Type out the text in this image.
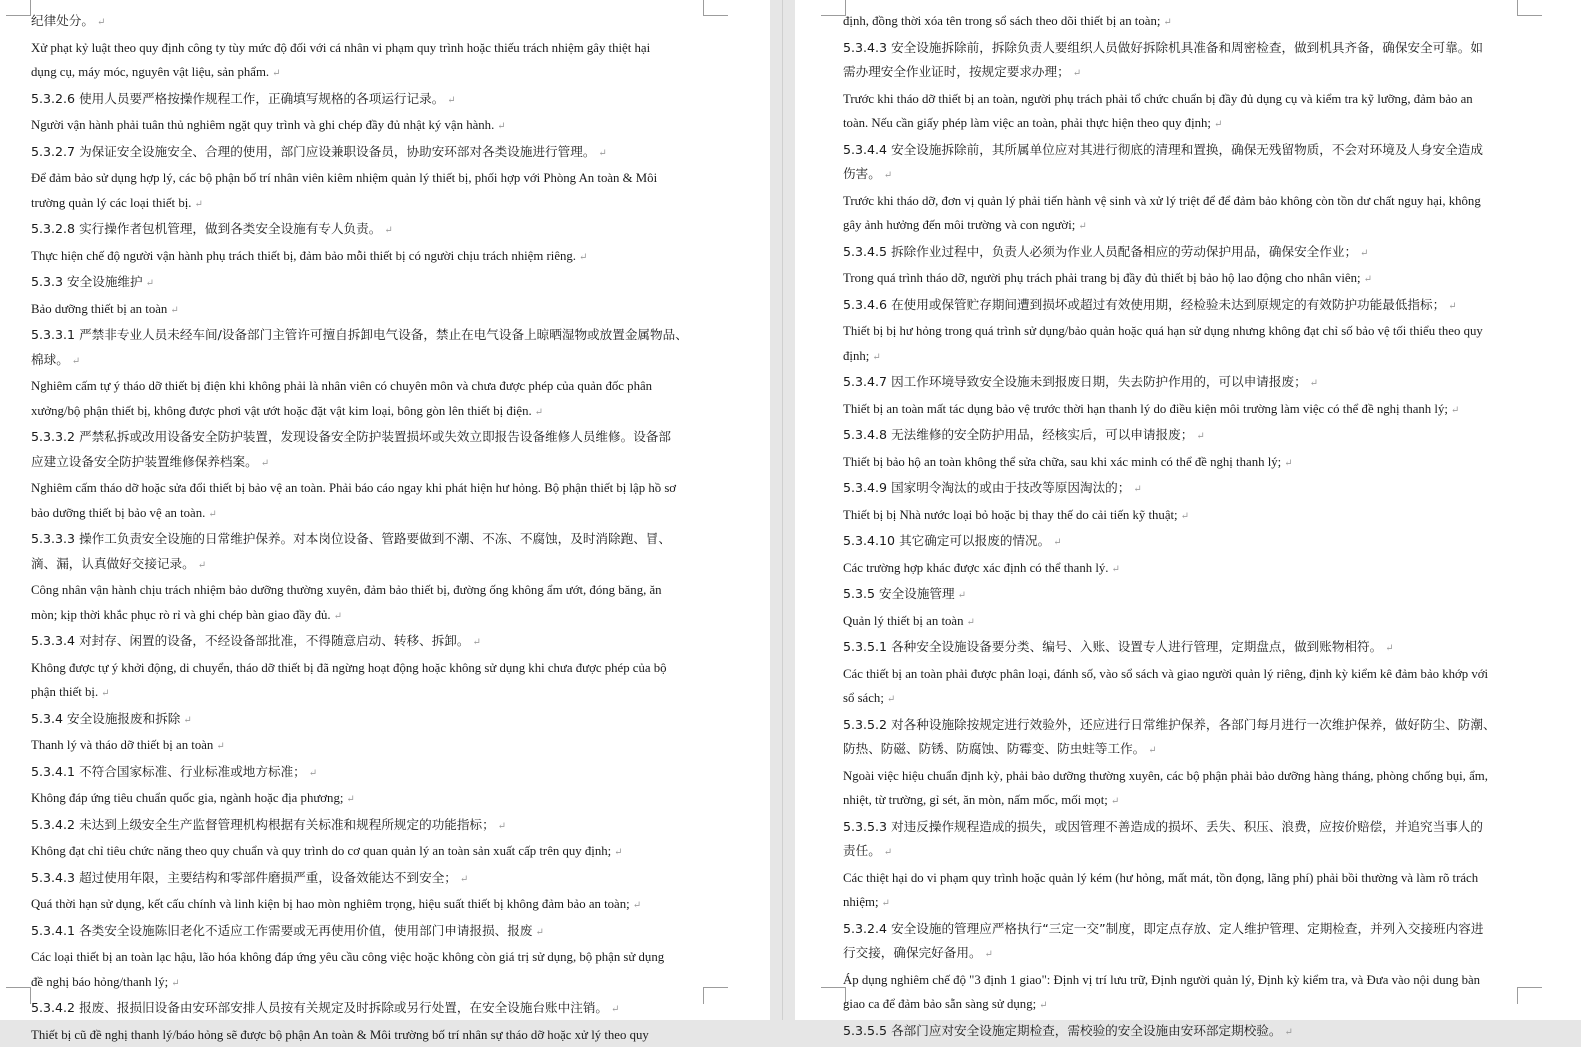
纪律处分。 ↵
Xử phạt kỷ luật theo quy định công ty tùy mức độ đối với cá nhân vi phạm quy trình hoặc thiếu trách nhiệm gây thiệt hại
dụng cụ, máy móc, nguyên vật liệu, sản phẩm. ↵
5.3.2.6 使用人员要严格按操作规程工作，正确填写规格的各项运行记录。 ↵
Người vận hành phải tuân thủ nghiêm ngặt quy trình và ghi chép đầy đủ nhật ký vận hành. ↵
5.3.2.7 为保证安全设施安全、合理的使用，部门应设兼职设备员，协助安环部对各类设施进行管理。 ↵
Để đảm bảo sử dụng hợp lý, các bộ phận bố trí nhân viên kiêm nhiệm quản lý thiết bị, phối hợp với Phòng An toàn & Môi
trường quản lý các loại thiết bị. ↵
5.3.2.8 实行操作者包机管理，做到各类安全设施有专人负责。 ↵
Thực hiện chế độ người vận hành phụ trách thiết bị, đảm bảo mỗi thiết bị có người chịu trách nhiệm riêng. ↵
5.3.3 安全设施维护 ↵
Bảo dưỡng thiết bị an toàn ↵
5.3.3.1 严禁非专业人员未经车间/设备部门主管许可擅自拆卸电气设备，禁止在电气设备上晾晒湿物或放置金属物品、
棉球。 ↵
Nghiêm cấm tự ý tháo dỡ thiết bị điện khi không phải là nhân viên có chuyên môn và chưa được phép của quản đốc phân
xưởng/bộ phận thiết bị, không được phơi vật ướt hoặc đặt vật kim loại, bông gòn lên thiết bị điện. ↵
5.3.3.2 严禁私拆或改用设备安全防护装置，发现设备安全防护装置损坏或失效立即报告设备维修人员维修。设备部
应建立设备安全防护装置维修保养档案。 ↵
Nghiêm cấm tháo dỡ hoặc sửa đổi thiết bị bảo vệ an toàn. Phải báo cáo ngay khi phát hiện hư hỏng. Bộ phận thiết bị lập hồ sơ
bảo dưỡng thiết bị bảo vệ an toàn. ↵
5.3.3.3 操作工负责安全设施的日常维护保养。对本岗位设备、管路要做到不潮、不冻、不腐蚀，及时消除跑、冒、
滴、漏，认真做好交接记录。 ↵
Công nhân vận hành chịu trách nhiệm bảo dưỡng thường xuyên, đảm bảo thiết bị, đường ống không ẩm ướt, đóng băng, ăn
mòn; kịp thời khắc phục rò rỉ và ghi chép bàn giao đầy đủ. ↵
5.3.3.4 对封存、闲置的设备，不经设备部批准，不得随意启动、转移、拆卸。 ↵
Không được tự ý khởi động, di chuyển, tháo dỡ thiết bị đã ngừng hoạt động hoặc không sử dụng khi chưa được phép của bộ
phận thiết bị. ↵
5.3.4 安全设施报废和拆除 ↵
Thanh lý và tháo dỡ thiết bị an toàn ↵
5.3.4.1 不符合国家标准、行业标准或地方标准； ↵
Không đáp ứng tiêu chuẩn quốc gia, ngành hoặc địa phương; ↵
5.3.4.2 未达到上级安全生产监督管理机构根据有关标准和规程所规定的功能指标； ↵
Không đạt chỉ tiêu chức năng theo quy chuẩn và quy trình do cơ quan quản lý an toàn sản xuất cấp trên quy định; ↵
5.3.4.3 超过使用年限，主要结构和零部件磨损严重，设备效能达不到安全； ↵
Quá thời hạn sử dụng, kết cấu chính và linh kiện bị hao mòn nghiêm trọng, hiệu suất thiết bị không đảm bảo an toàn; ↵
5.3.4.1 各类安全设施陈旧老化不适应工作需要或无再使用价值，使用部门申请报损、报废 ↵
Các loại thiết bị an toàn lạc hậu, lão hóa không đáp ứng yêu cầu công việc hoặc không còn giá trị sử dụng, bộ phận sử dụng
đề nghị báo hỏng/thanh lý; ↵
5.3.4.2 报废、报损旧设备由安环部安排人员按有关规定及时拆除或另行处置，在安全设施台账中注销。 ↵
Thiết bị cũ đề nghị thanh lý/báo hỏng sẽ được bộ phận An toàn & Môi trường bố trí nhân sự tháo dỡ hoặc xử lý theo quy
định, đồng thời xóa tên trong sổ sách theo dõi thiết bị an toàn; ↵
5.3.4.3 安全设施拆除前，拆除负责人要组织人员做好拆除机具准备和周密检查，做到机具齐备，确保安全可靠。如
需办理安全作业证时，按规定要求办理； ↵
Trước khi tháo dỡ thiết bị an toàn, người phụ trách phải tổ chức chuẩn bị đầy đủ dụng cụ và kiểm tra kỹ lưỡng, đảm bảo an
toàn. Nếu cần giấy phép làm việc an toàn, phải thực hiện theo quy định; ↵
5.3.4.4 安全设施拆除前，其所属单位应对其进行彻底的清理和置换，确保无残留物质，不会对环境及人身安全造成
伤害。 ↵
Trước khi tháo dỡ, đơn vị quản lý phải tiến hành vệ sinh và xử lý triệt để để đảm bảo không còn tồn dư chất nguy hại, không
gây ảnh hưởng đến môi trường và con người; ↵
5.3.4.5 拆除作业过程中，负责人必须为作业人员配备相应的劳动保护用品，确保安全作业； ↵
Trong quá trình tháo dỡ, người phụ trách phải trang bị đầy đủ thiết bị bảo hộ lao động cho nhân viên; ↵
5.3.4.6 在使用或保管贮存期间遭到损坏或超过有效使用期，经检验未达到原规定的有效防护功能最低指标； ↵
Thiết bị bị hư hỏng trong quá trình sử dụng/bảo quản hoặc quá hạn sử dụng nhưng không đạt chỉ số bảo vệ tối thiểu theo quy
định; ↵
5.3.4.7 因工作环境导致安全设施未到报废日期，失去防护作用的，可以申请报废； ↵
Thiết bị an toàn mất tác dụng bảo vệ trước thời hạn thanh lý do điều kiện môi trường làm việc có thể đề nghị thanh lý; ↵
5.3.4.8 无法维修的安全防护用品，经核实后，可以申请报废； ↵
Thiết bị bảo hộ an toàn không thể sửa chữa, sau khi xác minh có thể đề nghị thanh lý; ↵
5.3.4.9 国家明令淘汰的或由于技改等原因淘汰的； ↵
Thiết bị bị Nhà nước loại bỏ hoặc bị thay thế do cải tiến kỹ thuật; ↵
5.3.4.10 其它确定可以报废的情况。 ↵
Các trường hợp khác được xác định có thể thanh lý. ↵
5.3.5 安全设施管理 ↵
Quản lý thiết bị an toàn ↵
5.3.5.1 各种安全设施设备要分类、编号、入账、设置专人进行管理，定期盘点，做到账物相符。 ↵
Các thiết bị an toàn phải được phân loại, đánh số, vào sổ sách và giao người quản lý riêng, định kỳ kiểm kê đảm bảo khớp với
sổ sách; ↵
5.3.5.2 对各种设施除按规定进行效验外，还应进行日常维护保养，各部门每月进行一次维护保养，做好防尘、防潮、
防热、防磁、防锈、防腐蚀、防霉变、防虫蛀等工作。 ↵
Ngoài việc hiệu chuẩn định kỳ, phải bảo dưỡng thường xuyên, các bộ phận phải bảo dưỡng hàng tháng, phòng chống bụi, ẩm,
nhiệt, từ trường, gỉ sét, ăn mòn, nấm mốc, mối mọt; ↵
5.3.5.3 对违反操作规程造成的损失，或因管理不善造成的损坏、丢失、积压、浪费，应按价赔偿，并追究当事人的
责任。 ↵
Các thiệt hại do vi phạm quy trình hoặc quản lý kém (hư hỏng, mất mát, tồn đọng, lãng phí) phải bồi thường và làm rõ trách
nhiệm; ↵
5.3.2.4 安全设施的管理应严格执行“三定一交”制度，即定点存放、定人维护管理、定期检查，并列入交接班内容进
行交接，确保完好备用。 ↵
Áp dụng nghiêm chế độ "3 định 1 giao": Định vị trí lưu trữ, Định người quản lý, Định kỳ kiểm tra, và Đưa vào nội dung bàn
giao ca để đảm bảo sẵn sàng sử dụng; ↵
5.3.5.5 各部门应对安全设施定期检查，需校验的安全设施由安环部定期校验。 ↵
